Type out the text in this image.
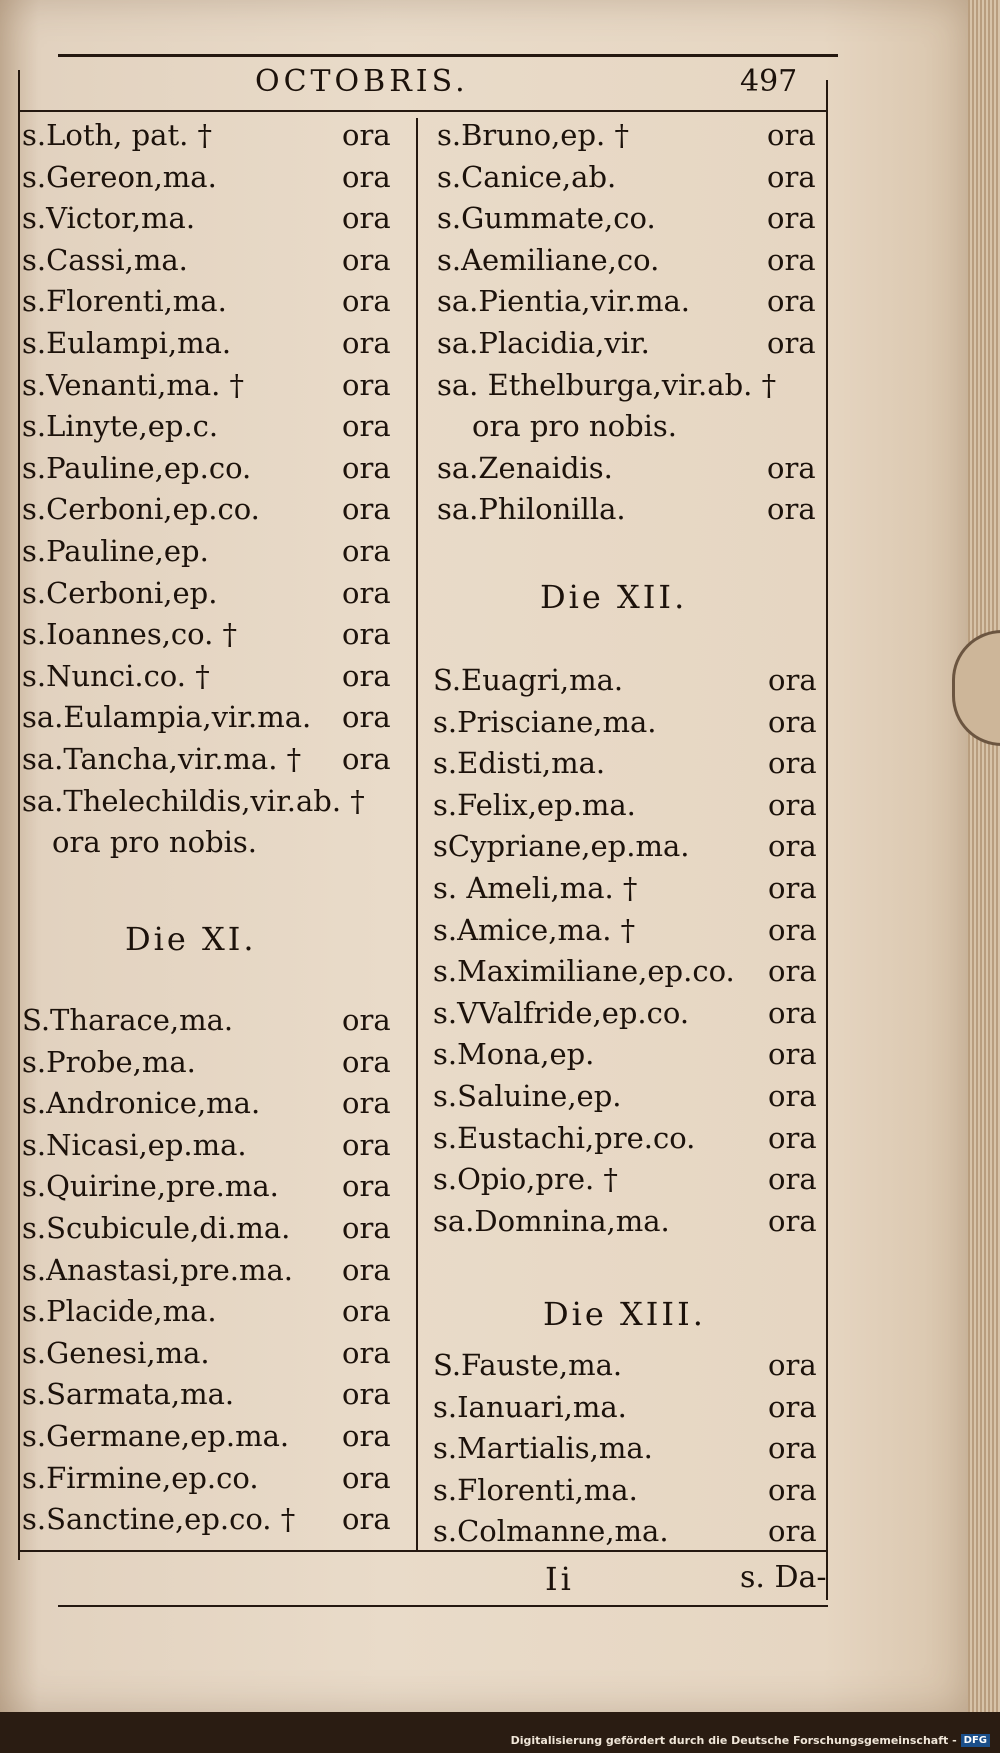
OCTOBRIS.	497
s.Loth, pat. †	ora
s.Gereon,ma.	ora
s.Victor,ma.	ora
s.Cassi,ma.	ora
s.Florenti,ma.	ora
s.Eulampi,ma.	ora
s.Venanti,ma. †	ora
s.Linyte,ep.c.	ora
s.Pauline,ep.co.	ora
s.Cerboni,ep.co.	ora
s.Pauline,ep.	ora
s.Cerboni,ep.	ora
s.Ioannes,co. †	ora
s.Nunci.co. †	ora
sa.Eulampia,vir.ma. ora
sa.Tancha,vir.ma. † ora
sa.Thelechildis,vir.ab. †
ora pro nobis.
Die XI.
S.Tharace,ma.	ora
s.Probe,ma.	ora
s.Andronice,ma.	ora
s.Nicasi,ep.ma.	ora
s.Quirine,pre.ma. ora
s.Scubicule,di.ma. ora
s.Anastasi,pre.ma. ora
s.Placide,ma.	ora
s.Genesi,ma.	ora
s.Sarmata,ma.	ora
s.Germane,ep.ma. ora
s.Firmine,ep.co.	ora
s.Sanctine,ep.co. † ora
s.Bruno,ep. †	ora
s.Canice,ab.	ora
s.Gummate,co.	ora
s.Aemiliane,co.	ora
sa.Pientia,vir.ma.	ora
sa.Placidia,vir.	ora
sa. Ethelburga,vir.ab. †
ora pro nobis.
sa.Zenaidis.	ora
sa.Philonilla.	ora
Die XII.
S.Euagri,ma.	ora
s.Prisciane,ma.	ora
s.Edisti,ma.	ora
s.Felix,ep.ma.	ora
sCypriane,ep.ma.	ora
s. Ameli,ma. †	ora
s.Amice,ma. †	ora
s.Maximiliane,ep.co. ora
s.VValfride,ep.co.	ora
s.Mona,ep.	ora
s.Saluine,ep.	ora
s.Eustachi,pre.co.	ora
s.Opio,pre. †	ora
sa.Domnina,ma.	ora
Die XIII.
S.Fauste,ma.	ora
s.Ianuari,ma.	ora
s.Martialis,ma.	ora
s.Florenti,ma.	ora
s.Colmanne,ma.	ora
Ii	s. Da-
Digitalisierung gefördert durch die Deutsche Forschungsgemeinschaft - DFG
